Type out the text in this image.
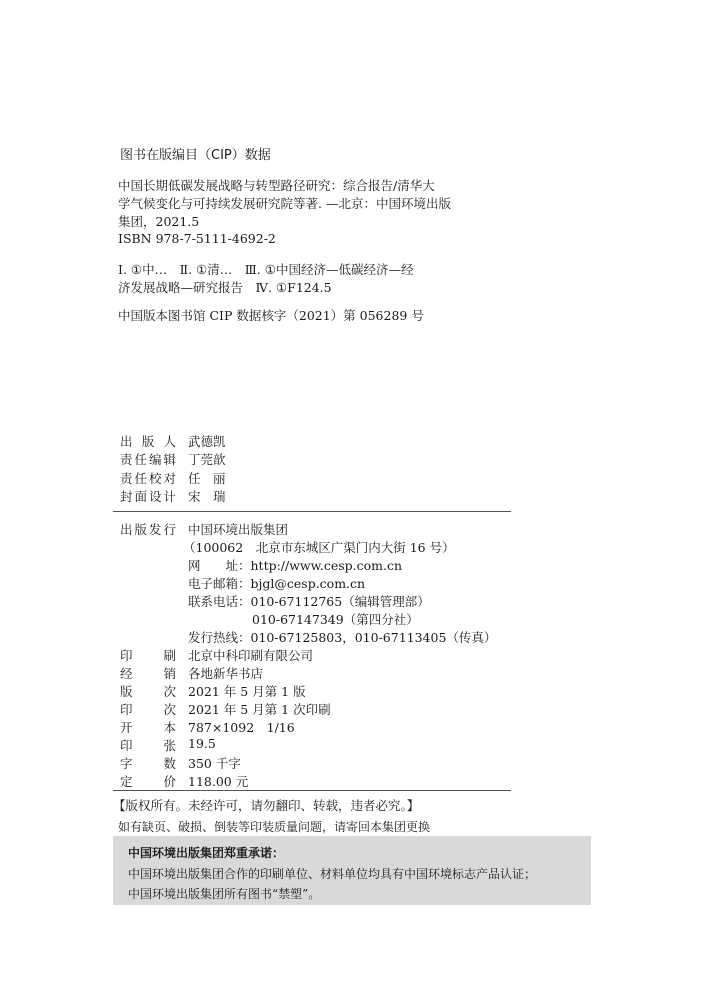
图书在版编目（CIP）数据
中国长期低碳发展战略与转型路径研究：综合报告/清华大
学气候变化与可持续发展研究院等著. —北京：中国环境出版
集团，2021.5
ISBN 978-7-5111-4692-2
Ⅰ. ①中…　Ⅱ. ①清…　Ⅲ. ①中国经济—低碳经济—经
济发展战略—研究报告　Ⅳ. ①F124.5
中国版本图书馆 CIP 数据核字（2021）第 056289 号
出版人 武德凯
责任编辑 丁莞歆
责任校对 任　丽
封面设计 宋　瑞
出版发行 中国环境出版集团
（100062　北京市东城区广渠门内大街 16 号）
网　　址：http://www.cesp.com.cn
电子邮箱：bjgl@cesp.com.cn
联系电话：010-67112765（编辑管理部）
010-67147349（第四分社）
发行热线：010-67125803，010-67113405（传真）
印刷 北京中科印刷有限公司
经销 各地新华书店
版次 2021 年 5 月第 1 版
印次 2021 年 5 月第 1 次印刷
开本 787×1092　1/16
印张 19.5
字数 350 千字
定价 118.00 元
【版权所有。未经许可，请勿翻印、转载，违者必究。】
如有缺页、破损、倒装等印装质量问题，请寄回本集团更换
中国环境出版集团郑重承诺：
中国环境出版集团合作的印刷单位、材料单位均具有中国环境标志产品认证；
中国环境出版集团所有图书“禁塑”。
